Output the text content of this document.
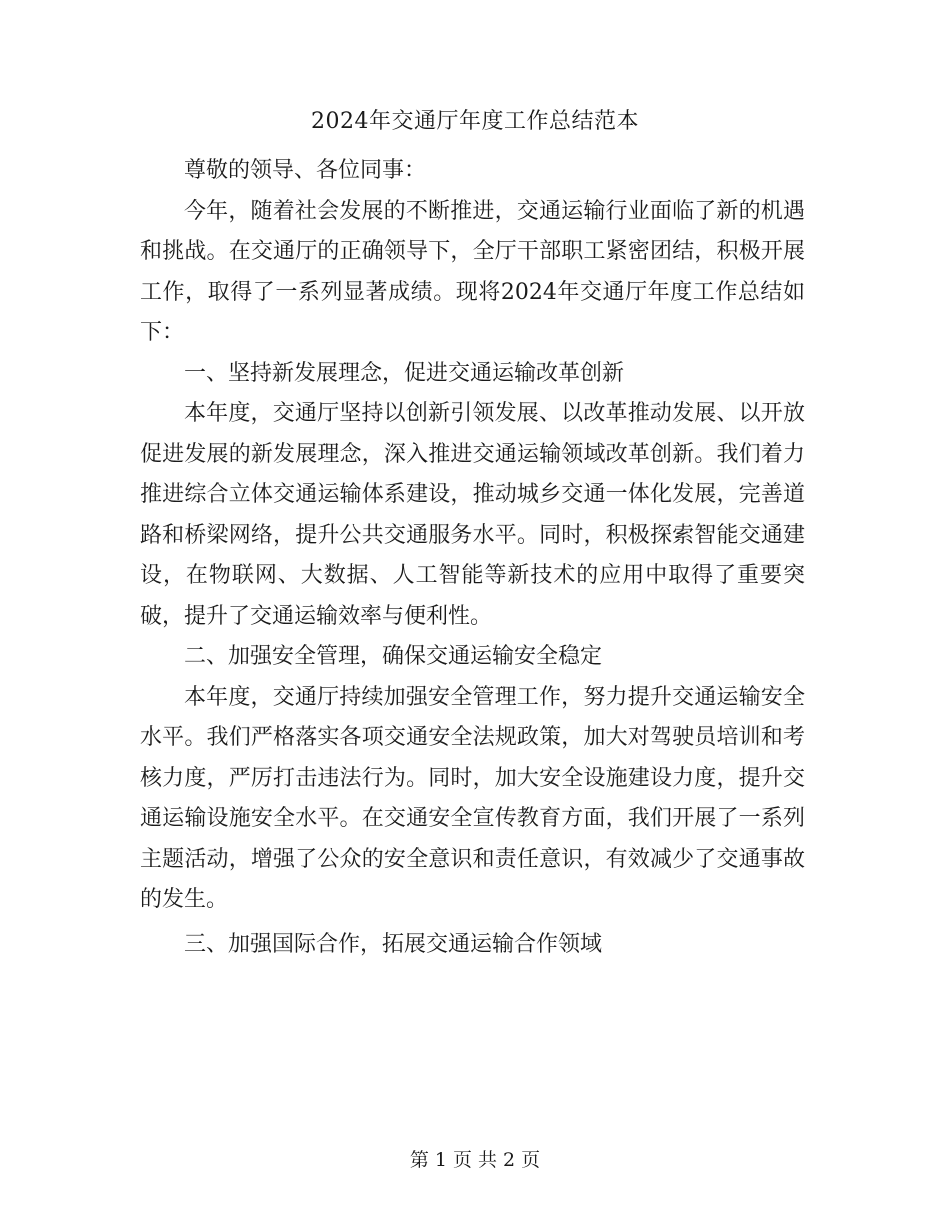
2024年交通厅年度工作总结范本

尊敬的领导、各位同事：

今年，随着社会发展的不断推进，交通运输行业面临了新的机遇和挑战。在交通厅的正确领导下，全厅干部职工紧密团结，积极开展工作，取得了一系列显著成绩。现将2024年交通厅年度工作总结如下：

一、坚持新发展理念，促进交通运输改革创新

本年度，交通厅坚持以创新引领发展、以改革推动发展、以开放促进发展的新发展理念，深入推进交通运输领域改革创新。我们着力推进综合立体交通运输体系建设，推动城乡交通一体化发展，完善道路和桥梁网络，提升公共交通服务水平。同时，积极探索智能交通建设，在物联网、大数据、人工智能等新技术的应用中取得了重要突破，提升了交通运输效率与便利性。

二、加强安全管理，确保交通运输安全稳定

本年度，交通厅持续加强安全管理工作，努力提升交通运输安全水平。我们严格落实各项交通安全法规政策，加大对驾驶员培训和考核力度，严厉打击违法行为。同时，加大安全设施建设力度，提升交通运输设施安全水平。在交通安全宣传教育方面，我们开展了一系列主题活动，增强了公众的安全意识和责任意识，有效减少了交通事故的发生。

三、加强国际合作，拓展交通运输合作领域

第 1 页 共 2 页
